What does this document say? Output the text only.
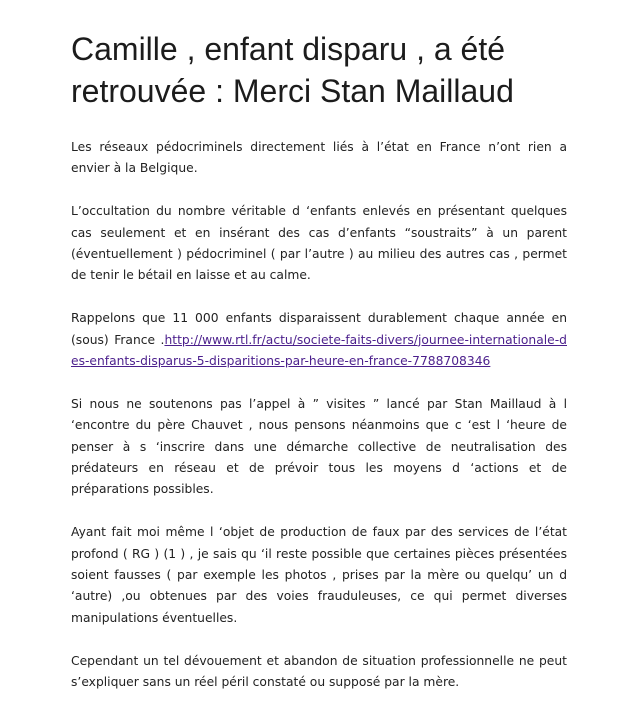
Camille , enfant disparu , a été retrouvée : Merci Stan Maillaud

Les réseaux pédocriminels directement liés à l’état en France n’ont rien a envier à la Belgique.

L’occultation du nombre véritable d ‘enfants enlevés en présentant quelques cas seulement et en insérant des cas d’enfants “soustraits” à un parent (éventuellement ) pédocriminel ( par l’autre ) au milieu des autres cas , permet de tenir le bétail en laisse et au calme.

Rappelons que 11 000 enfants disparaissent durablement chaque année en (sous) France .http://www.rtl.fr/actu/societe-faits-divers/journee-internationale-des-enfants-disparus-5-disparitions-par-heure-en-france-7788708346

Si nous ne soutenons pas l’appel à ” visites ” lancé par Stan Maillaud à l ‘encontre du père Chauvet , nous pensons néanmoins que c ‘est l ‘heure de penser à s ‘inscrire dans une démarche collective de neutralisation des prédateurs en réseau et de prévoir tous les moyens d ‘actions et de préparations possibles.

Ayant fait moi même l ‘objet de production de faux par des services de l’état profond ( RG ) (1 ) , je sais qu ‘il reste possible que certaines pièces présentées soient fausses ( par exemple les photos , prises par la mère ou quelqu’ un d ‘autre) ,ou obtenues par des voies frauduleuses, ce qui permet diverses manipulations éventuelles.

Cependant un tel dévouement et abandon de situation professionnelle ne peut s’expliquer sans un réel péril constaté ou supposé par la mère.
